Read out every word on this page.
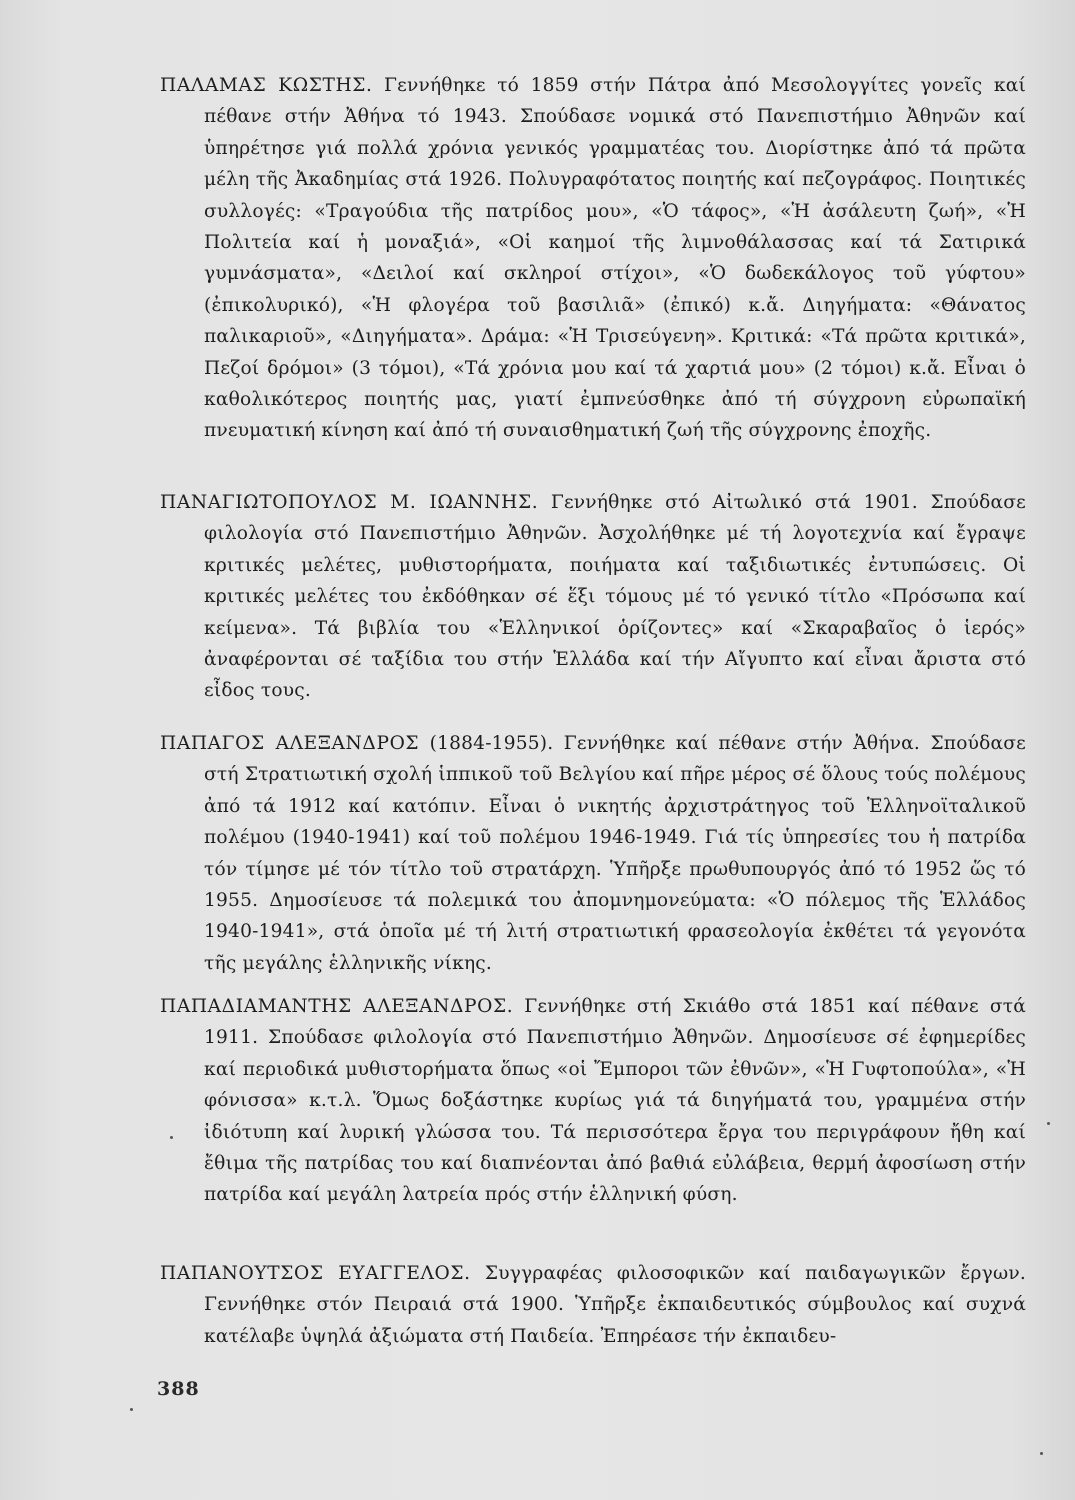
ΠΑΛΑΜΑΣ ΚΩΣΤΗΣ. Γεννήθηκε τό 1859 στήν Πάτρα ἀπό Μεσολογγίτες γονεῖς καί πέθανε στήν Ἀθήνα τό 1943. Σπούδασε νομικά στό Πανεπιστήμιο Ἀθηνῶν καί ὑπηρέτησε γιά πολλά χρόνια γενικός γραμματέας του. Διορίστηκε ἀπό τά πρῶτα μέλη τῆς Ἀκαδημίας στά 1926. Πολυγραφότατος ποιητής καί πεζογράφος. Ποιητικές συλλογές: «Τραγούδια τῆς πατρίδος μου», «Ὁ τάφος», «Ἡ ἀσάλευτη ζωή», «Ἡ Πολιτεία καί ἡ μοναξιά», «Οἱ καημοί τῆς λιμνοθάλασσας καί τά Σατιρικά γυμνάσματα», «Δειλοί καί σκληροί στίχοι», «Ὁ δωδεκάλογος τοῦ γύφτου» (ἐπικολυρικό), «Ἡ φλογέρα τοῦ βασιλιᾶ» (ἐπικό) κ.ἄ. Διηγήματα: «Θάνατος παλικαριοῦ», «Διηγήματα». Δράμα: «Ἡ Τρισεύγενη». Κριτικά: «Τά πρῶτα κριτικά», Πεζοί δρόμοι» (3 τόμοι), «Τά χρόνια μου καί τά χαρτιά μου» (2 τόμοι) κ.ἄ. Εἶναι ὁ καθολικότερος ποιητής μας, γιατί ἐμπνεύσθηκε ἀπό τή σύγχρονη εὐρωπαϊκή πνευματική κίνηση καί ἀπό τή συναισθηματική ζωή τῆς σύγχρονης ἐποχῆς.

ΠΑΝΑΓΙΩΤΟΠΟΥΛΟΣ Μ. ΙΩΑΝΝΗΣ. Γεννήθηκε στό Αἰτωλικό στά 1901. Σπούδασε φιλολογία στό Πανεπιστήμιο Ἀθηνῶν. Ἀσχολήθηκε μέ τή λογοτεχνία καί ἔγραψε κριτικές μελέτες, μυθιστορήματα, ποιήματα καί ταξιδιωτικές ἐντυπώσεις. Οἱ κριτικές μελέτες του ἐκδόθηκαν σέ ἕξι τόμους μέ τό γενικό τίτλο «Πρόσωπα καί κείμενα». Τά βιβλία του «Ἑλληνικοί ὁρίζοντες» καί «Σκαραβαῖος ὁ ἱερός» ἀναφέρονται σέ ταξίδια του στήν Ἑλλάδα καί τήν Αἴγυπτο καί εἶναι ἄριστα στό εἶδος τους.

ΠΑΠΑΓΟΣ ΑΛΕΞΑΝΔΡΟΣ (1884-1955). Γεννήθηκε καί πέθανε στήν Ἀθήνα. Σπούδασε στή Στρατιωτική σχολή ἱππικοῦ τοῦ Βελγίου καί πῆρε μέρος σέ ὅλους τούς πολέμους ἀπό τά 1912 καί κατόπιν. Εἶναι ὁ νικητής ἀρχιστράτηγος τοῦ Ἑλληνοϊταλικοῦ πολέμου (1940-1941) καί τοῦ πολέμου 1946-1949. Γιά τίς ὑπηρεσίες του ἡ πατρίδα τόν τίμησε μέ τόν τίτλο τοῦ στρατάρχη. Ὑπῆρξε πρωθυπουργός ἀπό τό 1952 ὥς τό 1955. Δημοσίευσε τά πολεμικά του ἀπομνημονεύματα: «Ὁ πόλεμος τῆς Ἑλλάδος 1940-1941», στά ὁποῖα μέ τή λιτή στρατιωτική φρασεολογία ἐκθέτει τά γεγονότα τῆς μεγάλης ἑλληνικῆς νίκης.

ΠΑΠΑΔΙΑΜΑΝΤΗΣ ΑΛΕΞΑΝΔΡΟΣ. Γεννήθηκε στή Σκιάθο στά 1851 καί πέθανε στά 1911. Σπούδασε φιλολογία στό Πανεπιστήμιο Ἀθηνῶν. Δημοσίευσε σέ ἐφημερίδες καί περιοδικά μυθιστορήματα ὅπως «οἱ Ἔμποροι τῶν ἐθνῶν», «Ἡ Γυφτοπούλα», «Ἡ φόνισσα» κ.τ.λ. Ὅμως δοξάστηκε κυρίως γιά τά διηγήματά του, γραμμένα στήν ἰδιότυπη καί λυρική γλώσσα του. Τά περισσότερα ἔργα του περιγράφουν ἤθη καί ἔθιμα τῆς πατρίδας του καί διαπνέονται ἀπό βαθιά εὐλάβεια, θερμή ἀφοσίωση στήν πατρίδα καί μεγάλη λατρεία πρός στήν ἑλληνική φύση.

ΠΑΠΑΝΟΥΤΣΟΣ ΕΥΑΓΓΕΛΟΣ. Συγγραφέας φιλοσοφικῶν καί παιδαγωγικῶν ἔργων. Γεννήθηκε στόν Πειραιά στά 1900. Ὑπῆρξε ἐκπαιδευτικός σύμβουλος καί συχνά κατέλαβε ὑψηλά ἀξιώματα στή Παιδεία. Ἐπηρέασε τήν ἐκπαιδευ-

388
